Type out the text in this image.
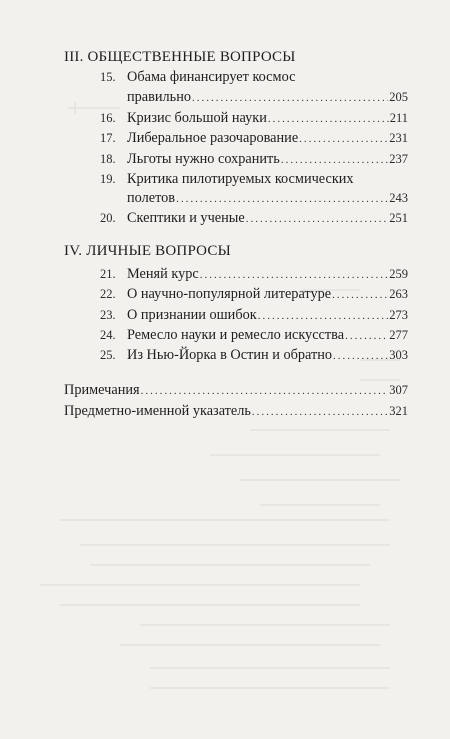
III. ОБЩЕСТВЕННЫЕ ВОПРОСЫ
15. Обама финансирует космос
правильно .....	205
16. Кризис большой науки .....	211
17. Либеральное разочарование .....	231
18. Льготы нужно сохранить .....	237
19. Критика пилотируемых космических
полетов .....	243
20. Скептики и ученые .....	251
IV. ЛИЧНЫЕ ВОПРОСЫ
21. Меняй курс .....	259
22. О научно-популярной литературе .....	263
23. О признании ошибок .....	273
24. Ремесло науки и ремесло искусства .....	277
25. Из Нью-Йорка в Остин и обратно .....	303
Примечания .....	307
Предметно-именной указатель .....	321
